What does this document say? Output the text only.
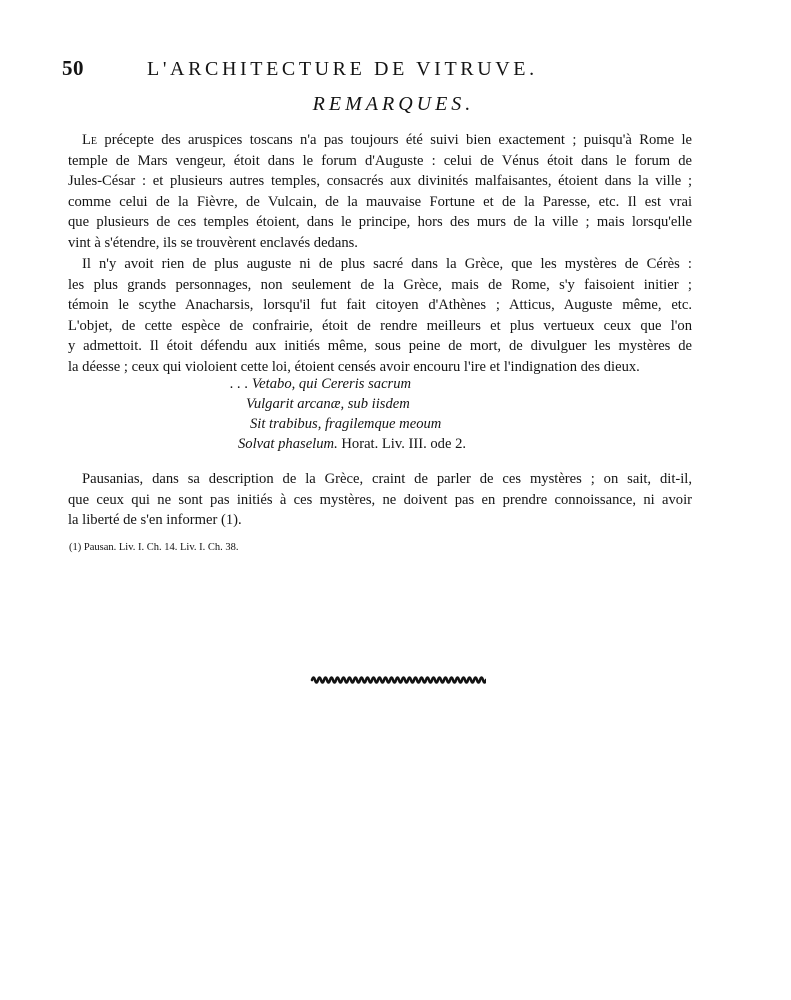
50	L'ARCHITECTURE DE VITRUVE.
REMARQUES.
Le précepte des aruspices toscans n'a pas toujours été suivi bien exactement ; puisqu'à Rome le
temple de Mars vengeur, étoit dans le forum d'Auguste : celui de Vénus étoit dans le forum de
Jules-César : et plusieurs autres temples, consacrés aux divinités malfaisantes, étoient dans la ville ;
comme celui de la Fièvre, de Vulcain, de la mauvaise Fortune et de la Paresse, etc. Il est vrai
que plusieurs de ces temples étoient, dans le principe, hors des murs de la ville ; mais lorsqu'elle
vint à s'étendre, ils se trouvèrent enclavés dedans.
Il n'y avoit rien de plus auguste ni de plus sacré dans la Grèce, que les mystères de Cérès :
les plus grands personnages, non seulement de la Grèce, mais de Rome, s'y faisoient initier ;
témoin le scythe Anacharsis, lorsqu'il fut fait citoyen d'Athènes ; Atticus, Auguste même, etc.
L'objet, de cette espèce de confrairie, étoit de rendre meilleurs et plus vertueux ceux que l'on
y admettoit. Il étoit défendu aux initiés même, sous peine de mort, de divulguer les mystères de
la déesse ; ceux qui violoient cette loi, étoient censés avoir encouru l'ire et l'indignation des dieux.
. . . Vetabo, qui Cereris sacrum
Vulgarit arcanæ, sub iisdem
Sit trabibus, fragilemque meoum
Solvat phaselum. Horat. Liv. III. ode 2.
Pausanias, dans sa description de la Grèce, craint de parler de ces mystères ; on sait, dit-il,
que ceux qui ne sont pas initiés à ces mystères, ne doivent pas en prendre connoissance, ni avoir
la liberté de s'en informer (1).
(1) Pausan. Liv. I. Ch. 14. Liv. I. Ch. 38.
